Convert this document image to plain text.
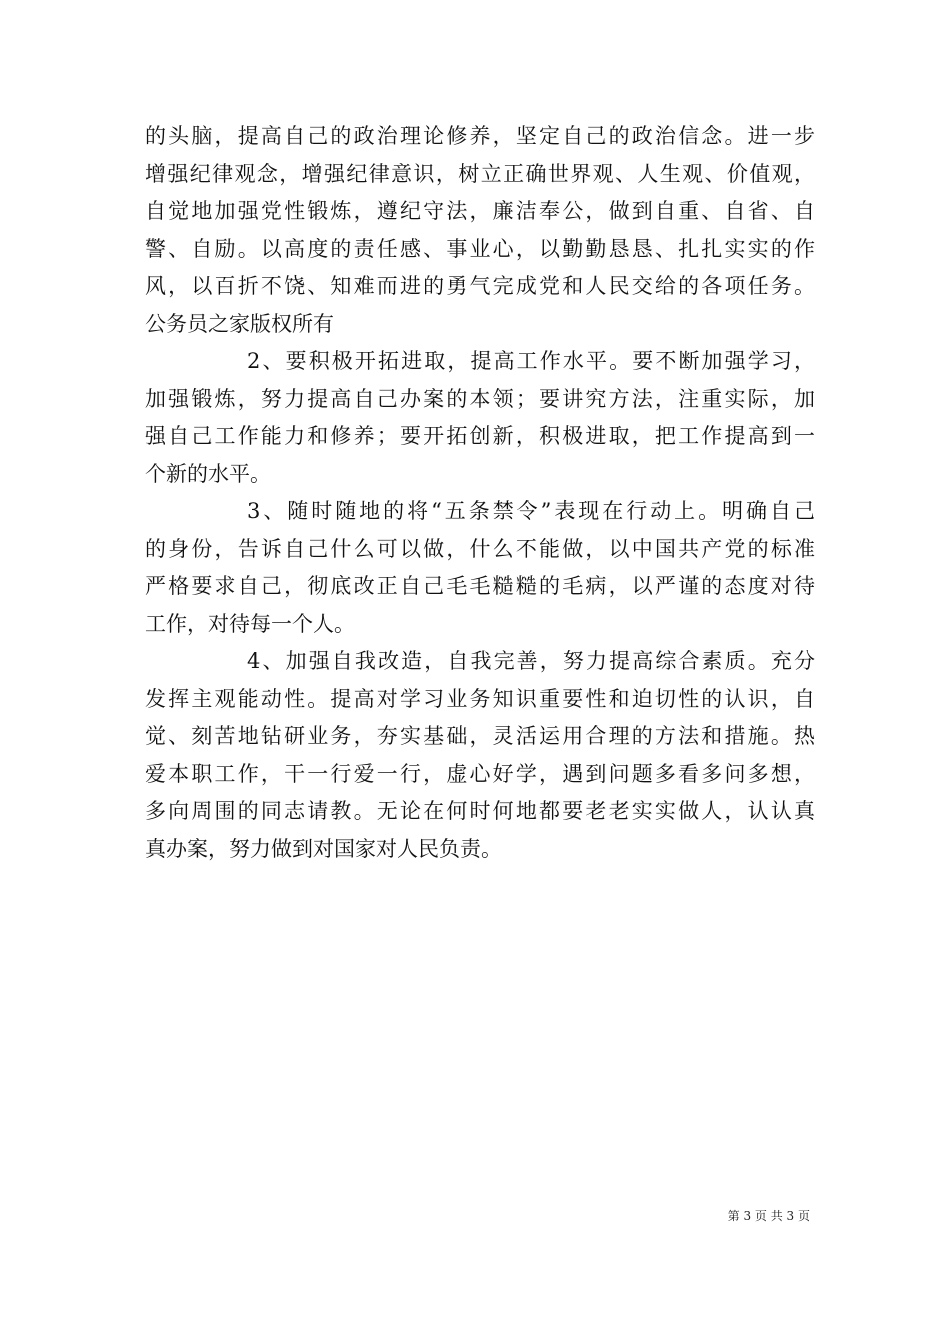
的头脑，提高自己的政治理论修养，坚定自己的政治信念。进一步
增强纪律观念，增强纪律意识，树立正确世界观、人生观、价值观，
自觉地加强党性锻炼，遵纪守法，廉洁奉公，做到自重、自省、自
警、自励。以高度的责任感、事业心，以勤勤恳恳、扎扎实实的作
风，以百折不饶、知难而进的勇气完成党和人民交给的各项任务。
公务员之家版权所有
2、要积极开拓进取，提高工作水平。要不断加强学习，
加强锻炼，努力提高自己办案的本领；要讲究方法，注重实际，加
强自己工作能力和修养；要开拓创新，积极进取，把工作提高到一
个新的水平。
3、随时随地的将“五条禁令”表现在行动上。明确自己
的身份，告诉自己什么可以做，什么不能做，以中国共产党的标准
严格要求自己，彻底改正自己毛毛糙糙的毛病，以严谨的态度对待
工作，对待每一个人。
4、加强自我改造，自我完善，努力提高综合素质。充分
发挥主观能动性。提高对学习业务知识重要性和迫切性的认识，自
觉、刻苦地钻研业务，夯实基础，灵活运用合理的方法和措施。热
爱本职工作，干一行爱一行，虚心好学，遇到问题多看多问多想，
多向周围的同志请教。无论在何时何地都要老老实实做人，认认真
真办案，努力做到对国家对人民负责。
第 3 页 共 3 页
